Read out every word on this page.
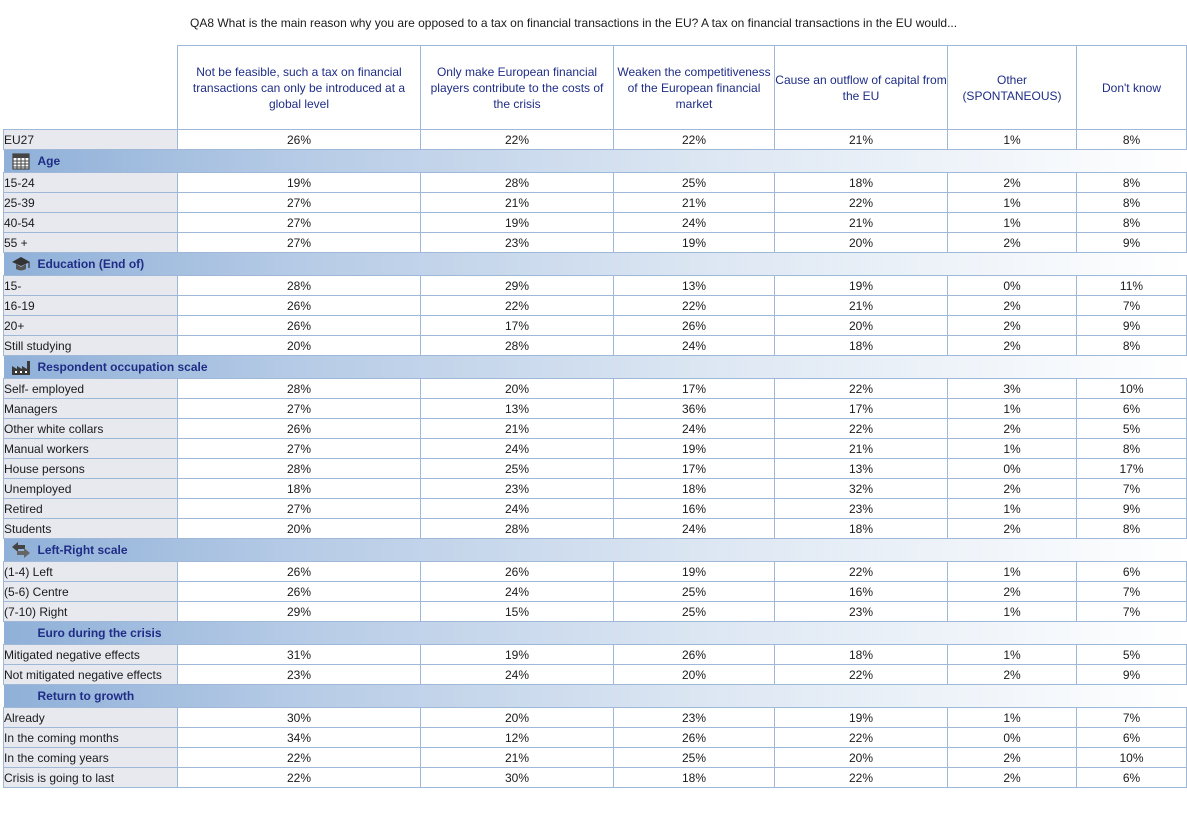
QA8 What is the main reason why you are opposed to a tax on financial transactions in the EU? A tax on financial transactions in the EU would...
	Not be feasible, such a tax on financial transactions can only be introduced at a global level	Only make European financial players contribute to the costs of the crisis	Weaken the competitiveness of the European financial market	Cause an outflow of capital from the EU	Other (SPONTANEOUS)	Don't know
EU27	26%	22%	22%	21%	1%	8%

Age						

15-24	19%	28%	25%	18%	2%	8%
25-39	27%	21%	21%	22%	1%	8%
40-54	27%	19%	24%	21%	1%	8%
55 +	27%	23%	19%	20%	2%	9%

Education (End of)						

15-	28%	29%	13%	19%	0%	11%
16-19	26%	22%	22%	21%	2%	7%
20+	26%	17%	26%	20%	2%	9%
Still studying	20%	28%	24%	18%	2%	8%

Respondent occupation scale						

Self- employed	28%	20%	17%	22%	3%	10%
Managers	27%	13%	36%	17%	1%	6%
Other white collars	26%	21%	24%	22%	2%	5%
Manual workers	27%	24%	19%	21%	1%	8%
House persons	28%	25%	17%	13%	0%	17%
Unemployed	18%	23%	18%	32%	2%	7%
Retired	27%	24%	16%	23%	1%	9%
Students	20%	28%	24%	18%	2%	8%

Left-Right scale						

(1-4) Left	26%	26%	19%	22%	1%	6%
(5-6) Centre	26%	24%	25%	16%	2%	7%
(7-10) Right	29%	15%	25%	23%	1%	7%

Euro during the crisis						

Mitigated negative effects	31%	19%	26%	18%	1%	5%
Not mitigated negative effects	23%	24%	20%	22%	2%	9%

Return to growth						

Already	30%	20%	23%	19%	1%	7%
In the coming months	34%	12%	26%	22%	0%	6%
In the coming years	22%	21%	25%	20%	2%	10%
Crisis is going to last	22%	30%	18%	22%	2%	6%
